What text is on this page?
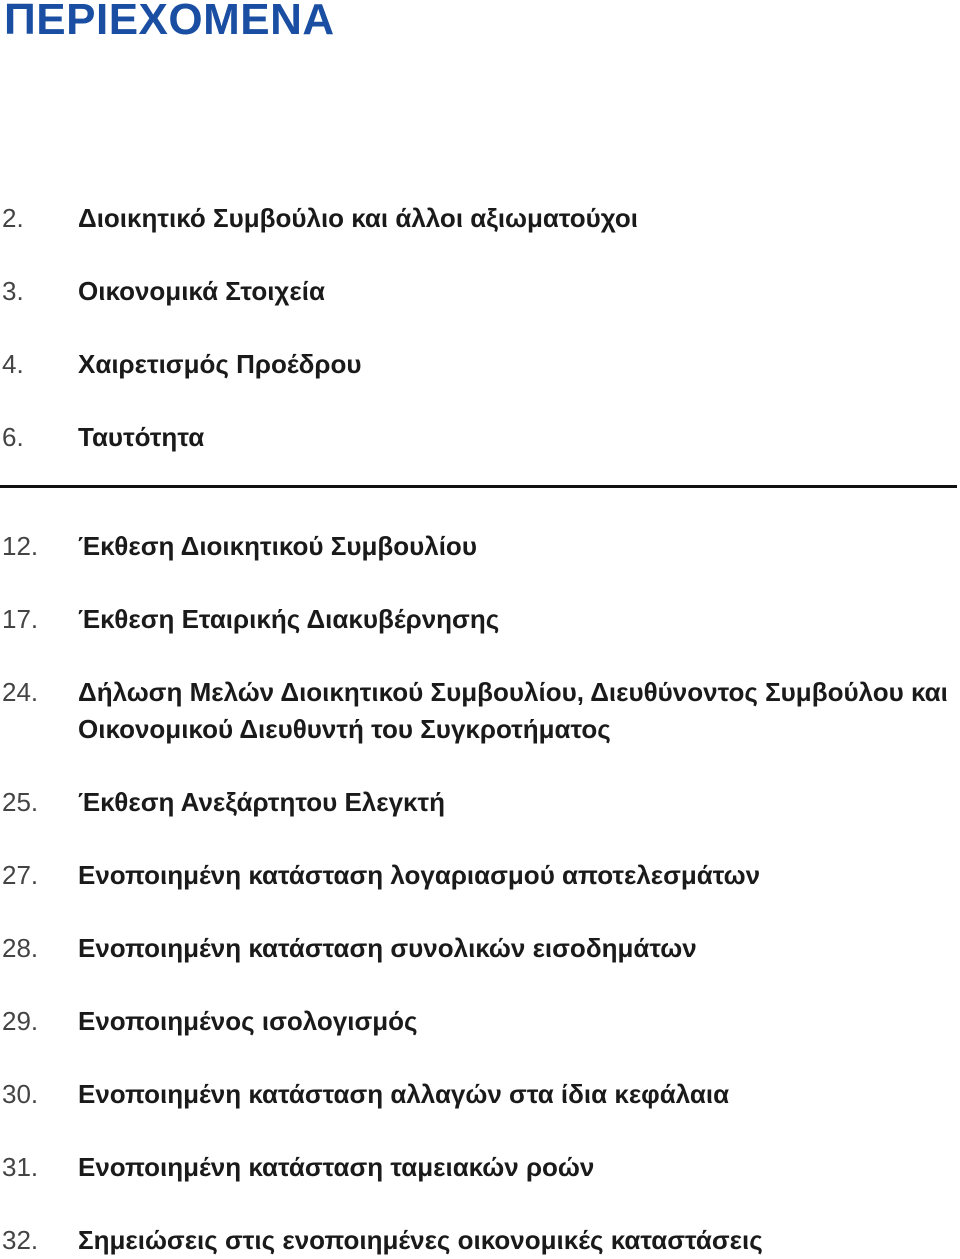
ΠΕΡΙΕΧΟΜΕΝΑ
2. Διοικητικό Συμβούλιο και άλλοι αξιωματούχοι
3. Οικονομικά Στοιχεία
4. Χαιρετισμός Προέδρου
6. Ταυτότητα
12. Έκθεση Διοικητικού Συμβουλίου
17. Έκθεση Εταιρικής Διακυβέρνησης
24. Δήλωση Μελών Διοικητικού Συμβουλίου, Διευθύνοντος Συμβούλου και
Οικονομικού Διευθυντή του Συγκροτήματος
25. Έκθεση Ανεξάρτητου Ελεγκτή
27. Ενοποιημένη κατάσταση λογαριασμού αποτελεσμάτων
28. Ενοποιημένη κατάσταση συνολικών εισοδημάτων
29. Ενοποιημένος ισολογισμός
30. Ενοποιημένη κατάσταση αλλαγών στα ίδια κεφάλαια
31. Ενοποιημένη κατάσταση ταμειακών ροών
32. Σημειώσεις στις ενοποιημένες οικονομικές καταστάσεις
